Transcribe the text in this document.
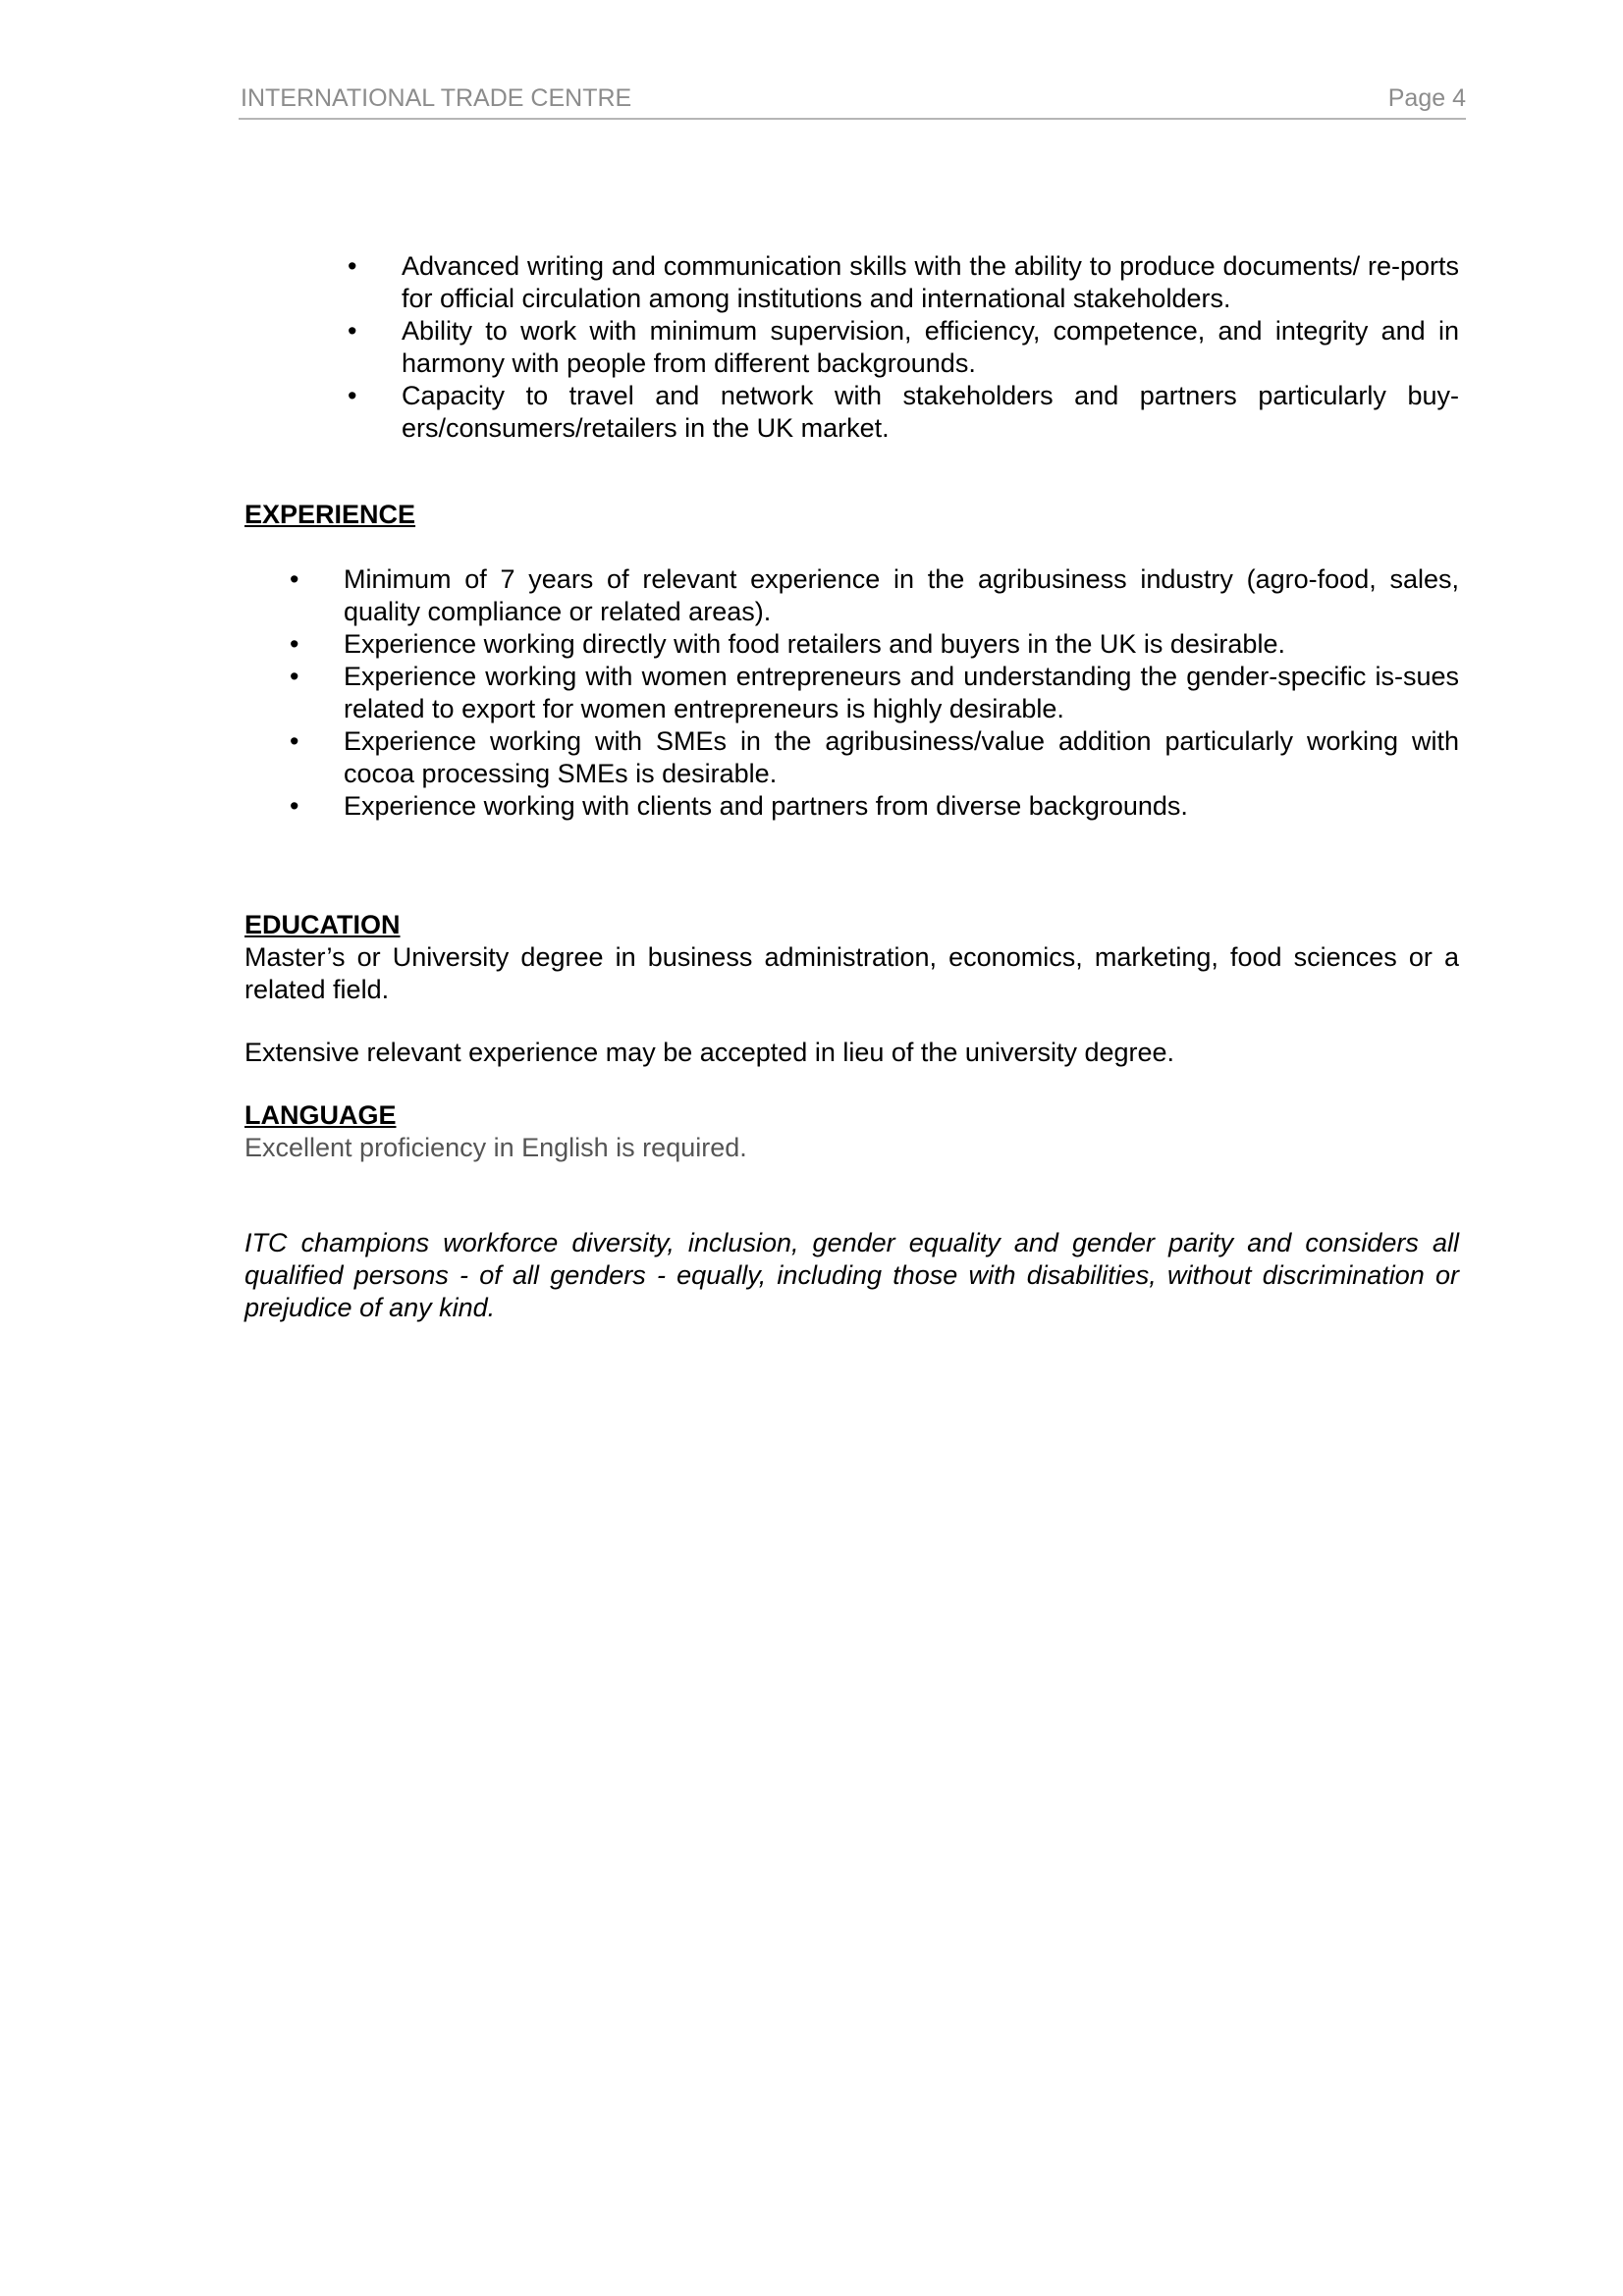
INTERNATIONAL TRADE CENTRE	Page 4
• Advanced writing and communication skills with the ability to produce documents/ re-ports for official circulation among institutions and international stakeholders.
• Ability to work with minimum supervision, efficiency, competence, and integrity and in harmony with people from different backgrounds.
• Capacity to travel and network with stakeholders and partners particularly buy-ers/consumers/retailers in the UK market.

EXPERIENCE

• Minimum of 7 years of relevant experience in the agribusiness industry (agro-food, sales, quality compliance or related areas).
• Experience working directly with food retailers and buyers in the UK is desirable.
• Experience working with women entrepreneurs and understanding the gender-specific is-sues related to export for women entrepreneurs is highly desirable.
• Experience working with SMEs in the agribusiness/value addition particularly working with cocoa processing SMEs is desirable.
• Experience working with clients and partners from diverse backgrounds.

EDUCATION

Master’s or University degree in business administration, economics, marketing, food sciences or a related field.

Extensive relevant experience may be accepted in lieu of the university degree.

LANGUAGE

Excellent proficiency in English is required.

ITC champions workforce diversity, inclusion, gender equality and gender parity and considers all qualified persons - of all genders - equally, including those with disabilities, without discrimination or prejudice of any kind.
